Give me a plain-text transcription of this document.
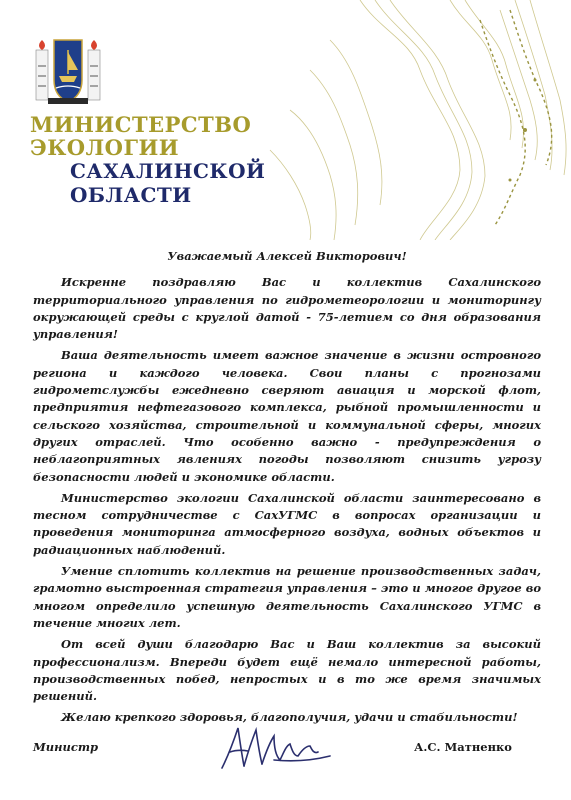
МИНИСТЕРСТВО
ЭКОЛОГИИ
САХАЛИНСКОЙ
ОБЛАСТИ

Уважаемый Алексей Викторович!

Искренне поздравляю Вас и коллектив Сахалинского территориального управления по гидрометеорологии и мониторингу окружающей среды с круглой датой - 75-летием со дня образования управления!

Ваша деятельность имеет важное значение в жизни островного региона и каждого человека. Свои планы с прогнозами гидрометслужбы ежедневно сверяют авиация и морской флот, предприятия нефтегазового комплекса, рыбной промышленности и сельского хозяйства, строительной и коммунальной сферы, многих других отраслей. Что особенно важно - предупреждения о неблагоприятных явлениях погоды позволяют снизить угрозу безопасности людей и экономике области.

Министерство экологии Сахалинской области заинтересовано в тесном сотрудничестве с СахУГМС в вопросах организации и проведения мониторинга атмосферного воздуха, водных объектов и радиационных наблюдений.

Умение сплотить коллектив на решение производственных задач, грамотно выстроенная стратегия управления – это и многое другое во многом определило успешную деятельность Сахалинского УГМС в течение многих лет.

От всей души благодарю Вас и Ваш коллектив за высокий профессионализм. Впереди будет ещё немало интересной работы, производственных побед, непростых и в то же время значимых решений.

Желаю крепкого здоровья, благополучия, удачи и стабильности!

Министр	А.С. Матненко
